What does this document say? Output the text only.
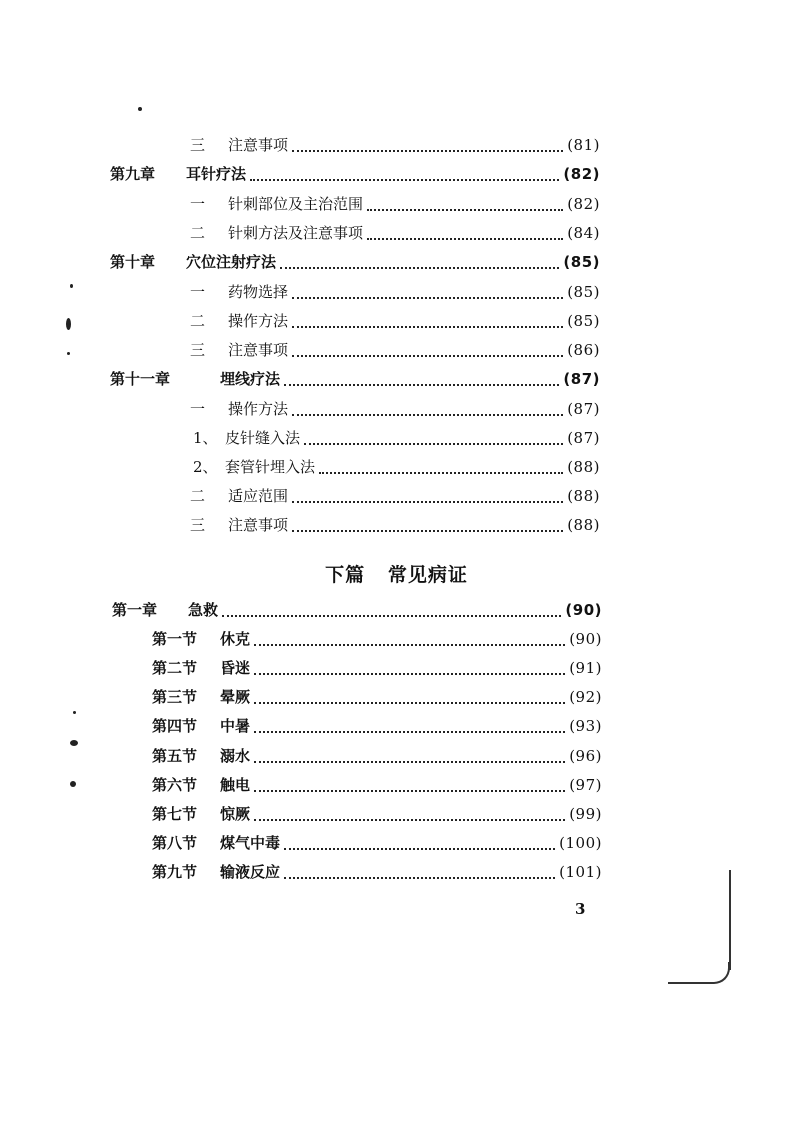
三	注意事项	(81)
第九章	耳针疗法	(82)
一	针刺部位及主治范围	(82)
二	针刺方法及注意事项	(84)
第十章	穴位注射疗法	(85)
一	药物选择	(85)
二	操作方法	(85)
三	注意事项	(86)
第十一章	埋线疗法	(87)
一	操作方法	(87)
1、 皮针缝入法	(87)
2、 套管针埋入法	(88)
二	适应范围	(88)
三	注意事项	(88)
下篇   常见病证
第一章	急救	(90)
第一节	休克	(90)
第二节	昏迷	(91)
第三节	晕厥	(92)
第四节	中暑	(93)
第五节	溺水	(96)
第六节	触电	(97)
第七节	惊厥	(99)
第八节	煤气中毒	(100)
第九节	输液反应	(101)
3
